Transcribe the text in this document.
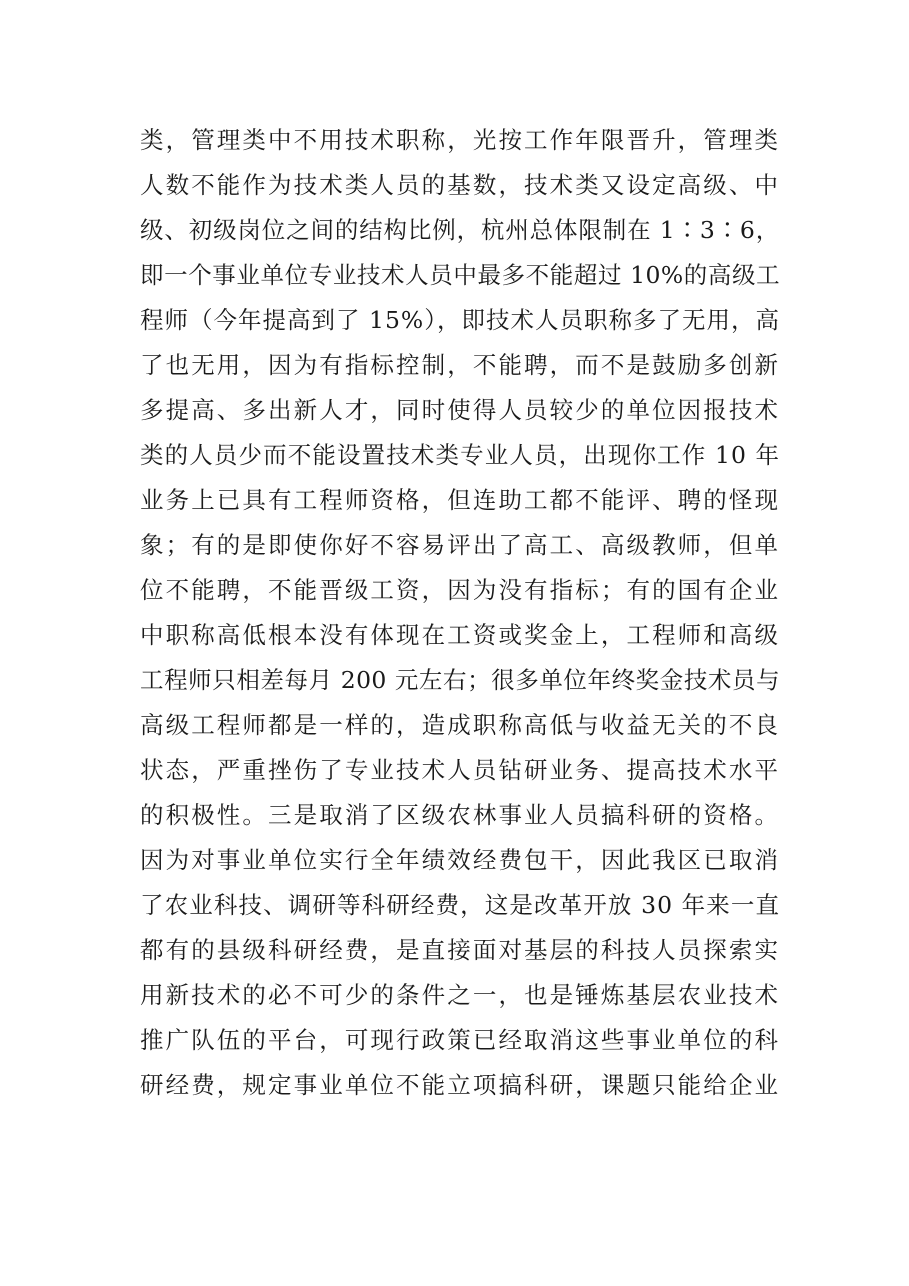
类，管理类中不用技术职称，光按工作年限晋升，管理类
人数不能作为技术类人员的基数，技术类又设定高级、中
级、初级岗位之间的结构比例，杭州总体限制在 1∶3∶6，
即一个事业单位专业技术人员中最多不能超过 10%的高级工
程师（今年提高到了 15%），即技术人员职称多了无用，高
了也无用，因为有指标控制，不能聘，而不是鼓励多创新
多提高、多出新人才，同时使得人员较少的单位因报技术
类的人员少而不能设置技术类专业人员，出现你工作 10 年
业务上已具有工程师资格，但连助工都不能评、聘的怪现
象；有的是即使你好不容易评出了高工、高级教师，但单
位不能聘，不能晋级工资，因为没有指标；有的国有企业
中职称高低根本没有体现在工资或奖金上，工程师和高级
工程师只相差每月 200 元左右；很多单位年终奖金技术员与
高级工程师都是一样的，造成职称高低与收益无关的不良
状态，严重挫伤了专业技术人员钻研业务、提高技术水平
的积极性。三是取消了区级农林事业人员搞科研的资格。
因为对事业单位实行全年绩效经费包干，因此我区已取消
了农业科技、调研等科研经费，这是改革开放 30 年来一直
都有的县级科研经费，是直接面对基层的科技人员探索实
用新技术的必不可少的条件之一，也是锤炼基层农业技术
推广队伍的平台，可现行政策已经取消这些事业单位的科
研经费，规定事业单位不能立项搞科研，课题只能给企业
